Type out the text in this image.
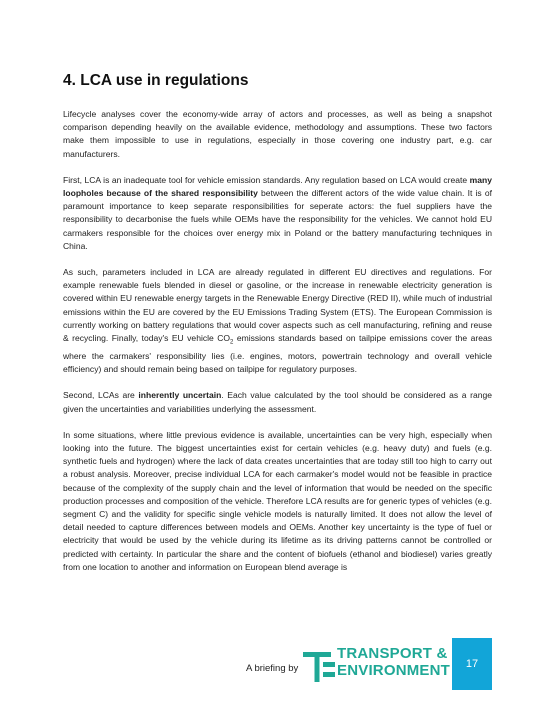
4. LCA use in regulations

Lifecycle analyses cover the economy-wide array of actors and processes, as well as being a snapshot comparison depending heavily on the available evidence, methodology and assumptions. These two factors make them impossible to use in regulations, especially in those covering one industry part, e.g. car manufacturers.

First, LCA is an inadequate tool for vehicle emission standards. Any regulation based on LCA would create many loopholes because of the shared responsibility between the different actors of the wide value chain. It is of paramount importance to keep separate responsibilities for seperate actors: the fuel suppliers have the responsibility to decarbonise the fuels while OEMs have the responsibility for the vehicles. We cannot hold EU carmakers responsible for the choices over energy mix in Poland or the battery manufacturing techniques in China.

As such, parameters included in LCA are already regulated in different EU directives and regulations. For example renewable fuels blended in diesel or gasoline, or the increase in renewable electricity generation is covered within EU renewable energy targets in the Renewable Energy Directive (RED II), while much of industrial emissions within the EU are covered by the EU Emissions Trading System (ETS). The European Commission is currently working on battery regulations that would cover aspects such as cell manufacturing, refining and reuse & recycling. Finally, today's EU vehicle $CO_2$ emissions standards based on tailpipe emissions cover the areas where the carmakers' responsibility lies (i.e. engines, motors, powertrain technology and overall vehicle efficiency) and should remain being based on tailpipe for regulatory purposes.

Second, LCAs are inherently uncertain. Each value calculated by the tool should be considered as a range given the uncertainties and variabilities underlying the assessment.

In some situations, where little previous evidence is available, uncertainties can be very high, especially when looking into the future. The biggest uncertainties exist for certain vehicles (e.g. heavy duty) and fuels (e.g. synthetic fuels and hydrogen) where the lack of data creates uncertainties that are today still too high to carry out a robust analysis. Moreover, precise individual LCA for each carmaker's model would not be feasible in practice because of the complexity of the supply chain and the level of information that would be needed on the specific production processes and composition of the vehicle. Therefore LCA results are for generic types of vehicles (e.g. segment C) and the validity for specific single vehicle models is naturally limited. It does not allow the level of detail needed to capture differences between models and OEMs. Another key uncertainty is the type of fuel or electricity that would be used by the vehicle during its lifetime as its driving patterns cannot be controlled or predicted with certainty. In particular the share and the content of biofuels (ethanol and biodiesel) varies greatly from one location to another and information on European blend average is

A briefing by
TRANSPORT &
ENVIRONMENT	17
